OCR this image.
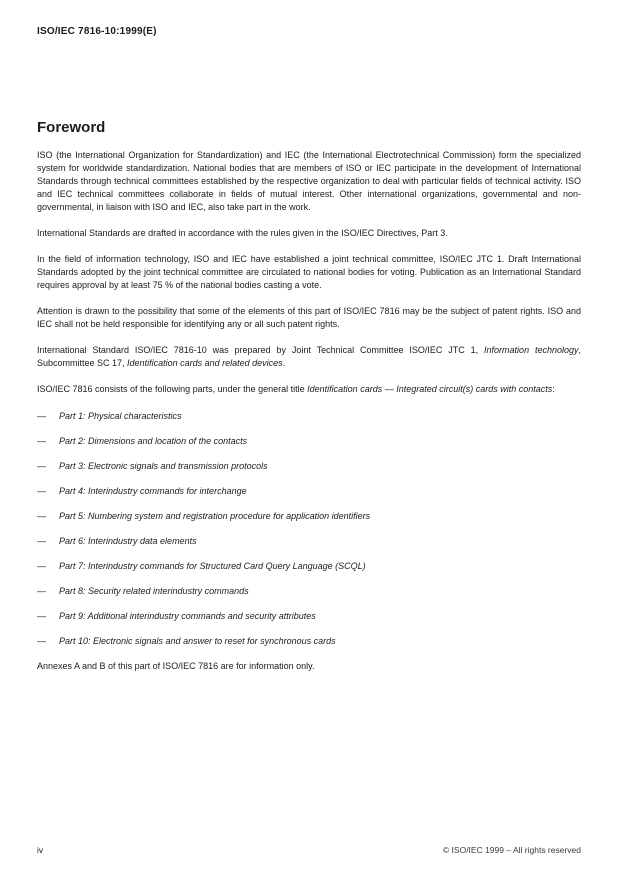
ISO/IEC 7816-10:1999(E)
Foreword

ISO (the International Organization for Standardization) and IEC (the International Electrotechnical Commission) form the specialized system for worldwide standardization. National bodies that are members of ISO or IEC participate in the development of International Standards through technical committees established by the respective organization to deal with particular fields of technical activity. ISO and IEC technical committees collaborate in fields of mutual interest. Other international organizations, governmental and non-governmental, in liaison with ISO and IEC, also take part in the work.

International Standards are drafted in accordance with the rules given in the ISO/IEC Directives, Part 3.

In the field of information technology, ISO and IEC have established a joint technical committee, ISO/IEC JTC 1. Draft International Standards adopted by the joint technical committee are circulated to national bodies for voting. Publication as an International Standard requires approval by at least 75 % of the national bodies casting a vote.

Attention is drawn to the possibility that some of the elements of this part of ISO/IEC 7816 may be the subject of patent rights. ISO and IEC shall not be held responsible for identifying any or all such patent rights.

International Standard ISO/IEC 7816-10 was prepared by Joint Technical Committee ISO/IEC JTC 1, Information technology, Subcommittee SC 17, Identification cards and related devices.

ISO/IEC 7816 consists of the following parts, under the general title Identification cards — Integrated circuit(s) cards with contacts:

—	Part 1: Physical characteristics
—	Part 2: Dimensions and location of the contacts
—	Part 3: Electronic signals and transmission protocols
—	Part 4: Interindustry commands for interchange
—	Part 5: Numbering system and registration procedure for application identifiers
—	Part 6: Interindustry data elements
—	Part 7: Interindustry commands for Structured Card Query Language (SCQL)
—	Part 8: Security related interindustry commands
—	Part 9: Additional interindustry commands and security attributes
—	Part 10: Electronic signals and answer to reset for synchronous cards

Annexes A and B of this part of ISO/IEC 7816 are for information only.

iv	© ISO/IEC 1999 – All rights reserved
